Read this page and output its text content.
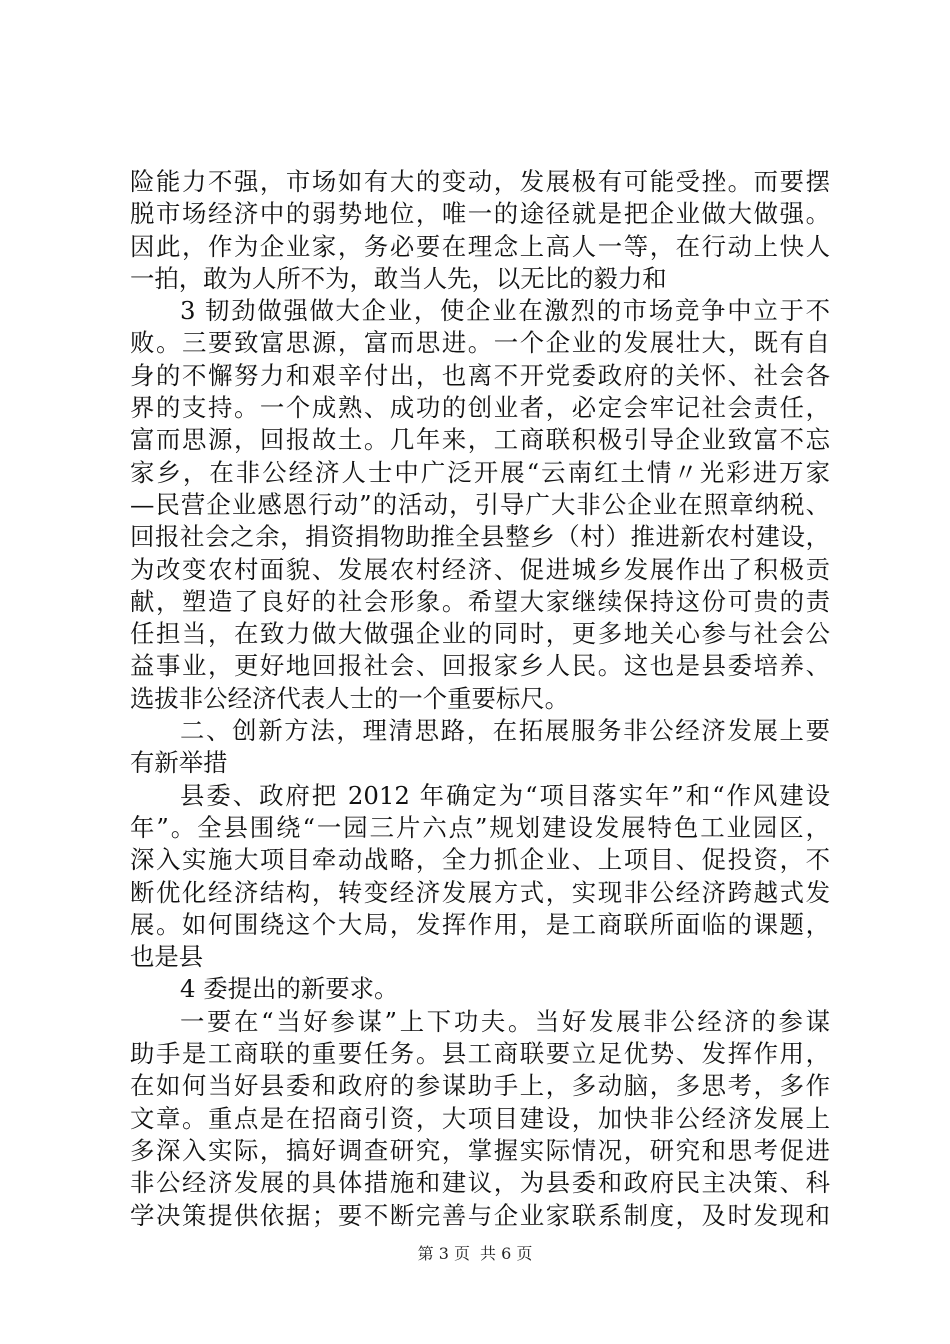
险能力不强，市场如有大的变动，发展极有可能受挫。而要摆
脱市场经济中的弱势地位，唯一的途径就是把企业做大做强。
因此，作为企业家，务必要在理念上高人一等，在行动上快人
一拍，敢为人所不为，敢当人先，以无比的毅力和
3 韧劲做强做大企业，使企业在激烈的市场竞争中立于不
败。三要致富思源，富而思进。一个企业的发展壮大，既有自
身的不懈努力和艰辛付出，也离不开党委政府的关怀、社会各
界的支持。一个成熟、成功的创业者，必定会牢记社会责任，
富而思源，回报故土。几年来，工商联积极引导企业致富不忘
家乡，在非公经济人士中广泛开展“云南红土情〃光彩进万家
—民营企业感恩行动”的活动，引导广大非公企业在照章纳税、
回报社会之余，捐资捐物助推全县整乡（村）推进新农村建设，
为改变农村面貌、发展农村经济、促进城乡发展作出了积极贡
献，塑造了良好的社会形象。希望大家继续保持这份可贵的责
任担当，在致力做大做强企业的同时，更多地关心参与社会公
益事业，更好地回报社会、回报家乡人民。这也是县委培养、
选拔非公经济代表人士的一个重要标尺。
二、创新方法，理清思路，在拓展服务非公经济发展上要
有新举措
县委、政府把 2012 年确定为“项目落实年”和“作风建设
年”。全县围绕“一园三片六点”规划建设发展特色工业园区，
深入实施大项目牵动战略，全力抓企业、上项目、促投资，不
断优化经济结构，转变经济发展方式，实现非公经济跨越式发
展。如何围绕这个大局，发挥作用，是工商联所面临的课题，
也是县
4 委提出的新要求。
一要在“当好参谋”上下功夫。当好发展非公经济的参谋
助手是工商联的重要任务。县工商联要立足优势、发挥作用，
在如何当好县委和政府的参谋助手上，多动脑，多思考，多作
文章。重点是在招商引资，大项目建设，加快非公经济发展上
多深入实际，搞好调查研究，掌握实际情况，研究和思考促进
非公经济发展的具体措施和建议，为县委和政府民主决策、科
学决策提供依据；要不断完善与企业家联系制度，及时发现和
第 3 页 共 6 页
